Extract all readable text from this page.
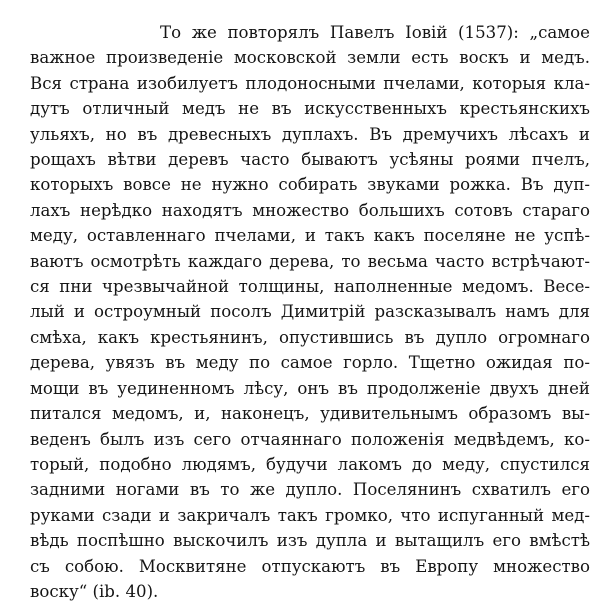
То же повторялъ Павелъ Іовій (1537): „самое
важное произведеніе московской земли есть воскъ и медъ.
Вся страна изобилуетъ плодоносными пчелами, которыя кла-
дутъ отличный медъ не въ искусственныхъ крестьянскихъ
ульяхъ, но въ древесныхъ дуплахъ. Въ дремучихъ лѣсахъ и
рощахъ вѣтви деревъ часто бываютъ усѣяны роями пчелъ,
которыхъ вовсе не нужно собирать звуками рожка. Въ дуп-
лахъ нерѣдко находятъ множество большихъ сотовъ стараго
меду, оставленнаго пчелами, и такъ какъ поселяне не успѣ-
ваютъ осмотрѣть каждаго дерева, то весьма часто встрѣчают-
ся пни чрезвычайной толщины, наполненные медомъ. Весе-
лый и остроумный посолъ Димитрій разсказывалъ намъ для
смѣха, какъ крестьянинъ, опустившись въ дупло огромнаго
дерева, увязъ въ меду по самое горло. Тщетно ожидая по-
мощи въ уединенномъ лѣсу, онъ въ продолженіе двухъ дней
питался медомъ, и, наконецъ, удивительнымъ образомъ вы-
веденъ былъ изъ сего отчаяннаго положенія медвѣдемъ, ко-
торый, подобно людямъ, будучи лакомъ до меду, спустился
задними ногами въ то же дупло. Поселянинъ схватилъ его
руками сзади и закричалъ такъ громко, что испуганный мед-
вѣдь поспѣшно выскочилъ изъ дупла и вытащилъ его вмѣстѣ
съ собою. Москвитяне отпускаютъ въ Европу множество
воску“ (ib. 40).
